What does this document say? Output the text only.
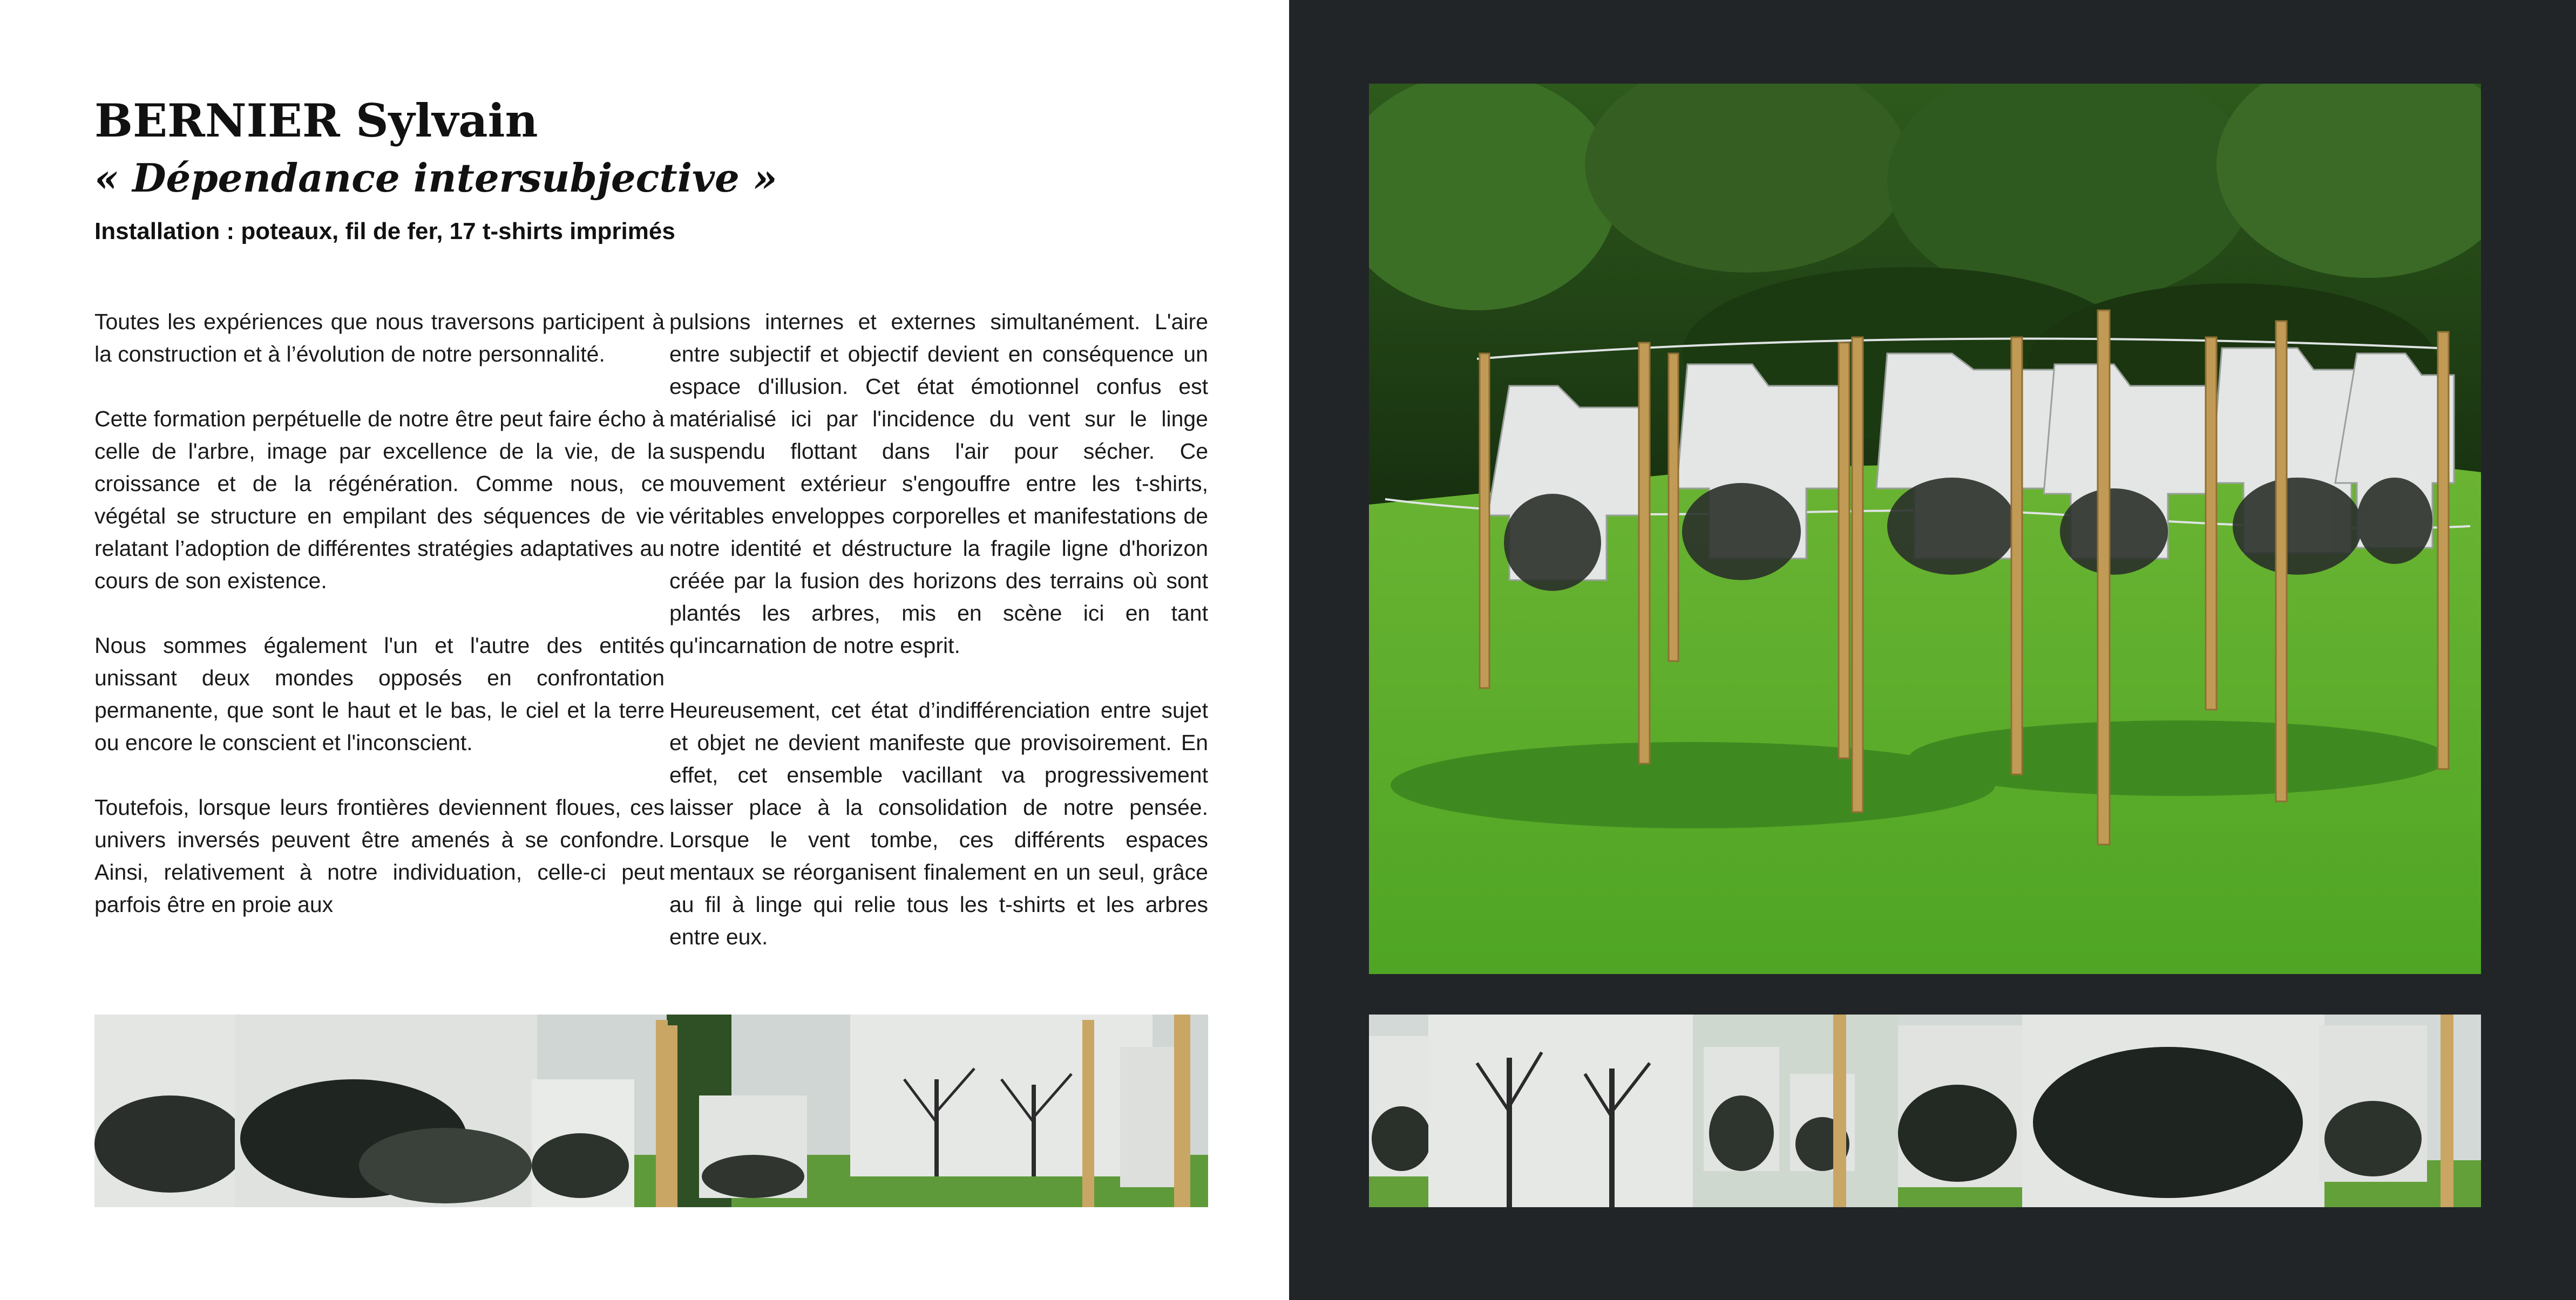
BERNIER Sylvain
« Dépendance intersubjective »
Installation : poteaux, fil de fer, 17 t-shirts imprimés

Toutes les expériences que nous traversons participent à la construction et à l’évolution de notre personnalité.

Cette formation perpétuelle de notre être peut faire écho à celle de l'arbre, image par excellence de la vie, de la croissance et de la régénération. Comme nous, ce végétal se structure en empilant des séquences de vie relatant l’adoption de différentes stratégies adaptatives au cours de son existence.

Nous sommes également l'un et l'autre des entités unissant deux mondes opposés en confrontation permanente, que sont le haut et le bas, le ciel et la terre ou encore le conscient et l'inconscient.

Toutefois, lorsque leurs frontières deviennent floues, ces univers inversés peuvent être amenés à se confondre. Ainsi, relativement à notre individuation, celle-ci peut parfois être en proie aux

pulsions internes et externes simultanément. L'aire entre subjectif et objectif devient en conséquence un espace d'illusion. Cet état émotionnel confus est matérialisé ici par l'incidence du vent sur le linge suspendu flottant dans l'air pour sécher. Ce mouvement extérieur s'engouffre entre les t-shirts, véritables enveloppes corporelles et manifestations de notre identité et déstructure la fragile ligne d'horizon créée par la fusion des horizons des terrains où sont plantés les arbres, mis en scène ici en tant qu'incarnation de notre esprit.

Heureusement, cet état d’indifférenciation entre sujet et objet ne devient manifeste que provisoirement. En effet, cet ensemble vacillant va progressivement laisser place à la consolidation de notre pensée. Lorsque le vent tombe, ces différents espaces mentaux se réorganisent finalement en un seul, grâce au fil à linge qui relie tous les t-shirts et les arbres entre eux.
